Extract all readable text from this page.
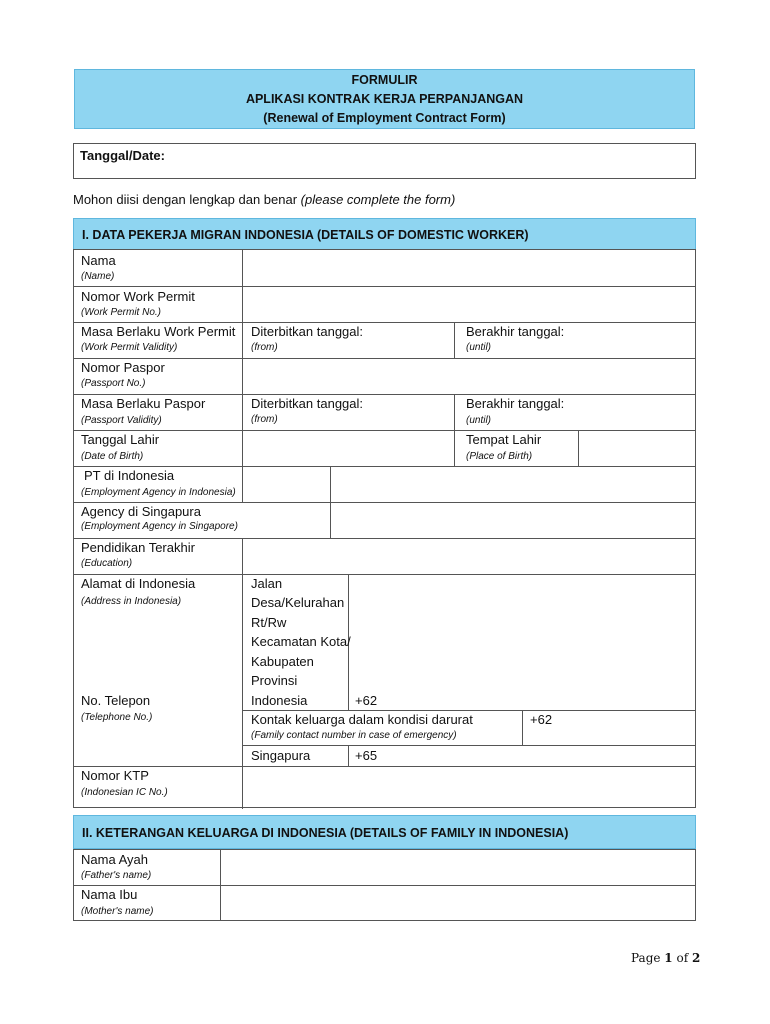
FORMULIR
APLIKASI KONTRAK KERJA PERPANJANGAN
(Renewal of Employment Contract Form)
Tanggal/Date:
Mohon diisi dengan lengkap dan benar (please complete the form)
I. DATA PEKERJA MIGRAN INDONESIA (DETAILS OF DOMESTIC WORKER)
Nama
(Name)
Nomor Work Permit
(Work Permit No.)
Masa Berlaku Work Permit
(Work Permit Validity)
Diterbitkan tanggal:
(from)
Berakhir tanggal:
(until)
Nomor Paspor
(Passport No.)
Masa Berlaku Paspor
(Passport Validity)
Diterbitkan tanggal:
(from)
Berakhir tanggal:
(until)
Tanggal Lahir
(Date of Birth)
Tempat Lahir
(Place of Birth)
PT di Indonesia
(Employment Agency in Indonesia)
Agency di Singapura
(Employment Agency in Singapore)
Pendidikan Terakhir
(Education)
Alamat di Indonesia
(Address in Indonesia)
Jalan
Desa/Kelurahan
Rt/Rw
Kecamatan Kota/
Kabupaten
Provinsi
No. Telepon
(Telephone No.)
Indonesia	+62
Kontak keluarga dalam kondisi darurat
(Family contact number in case of emergency)
+62
Singapura	+65
Nomor KTP
(Indonesian IC No.)
II. KETERANGAN KELUARGA DI INDONESIA (DETAILS OF FAMILY IN INDONESIA)
Nama Ayah
(Father's name)
Nama Ibu
(Mother's name)
Page 1 of 2
